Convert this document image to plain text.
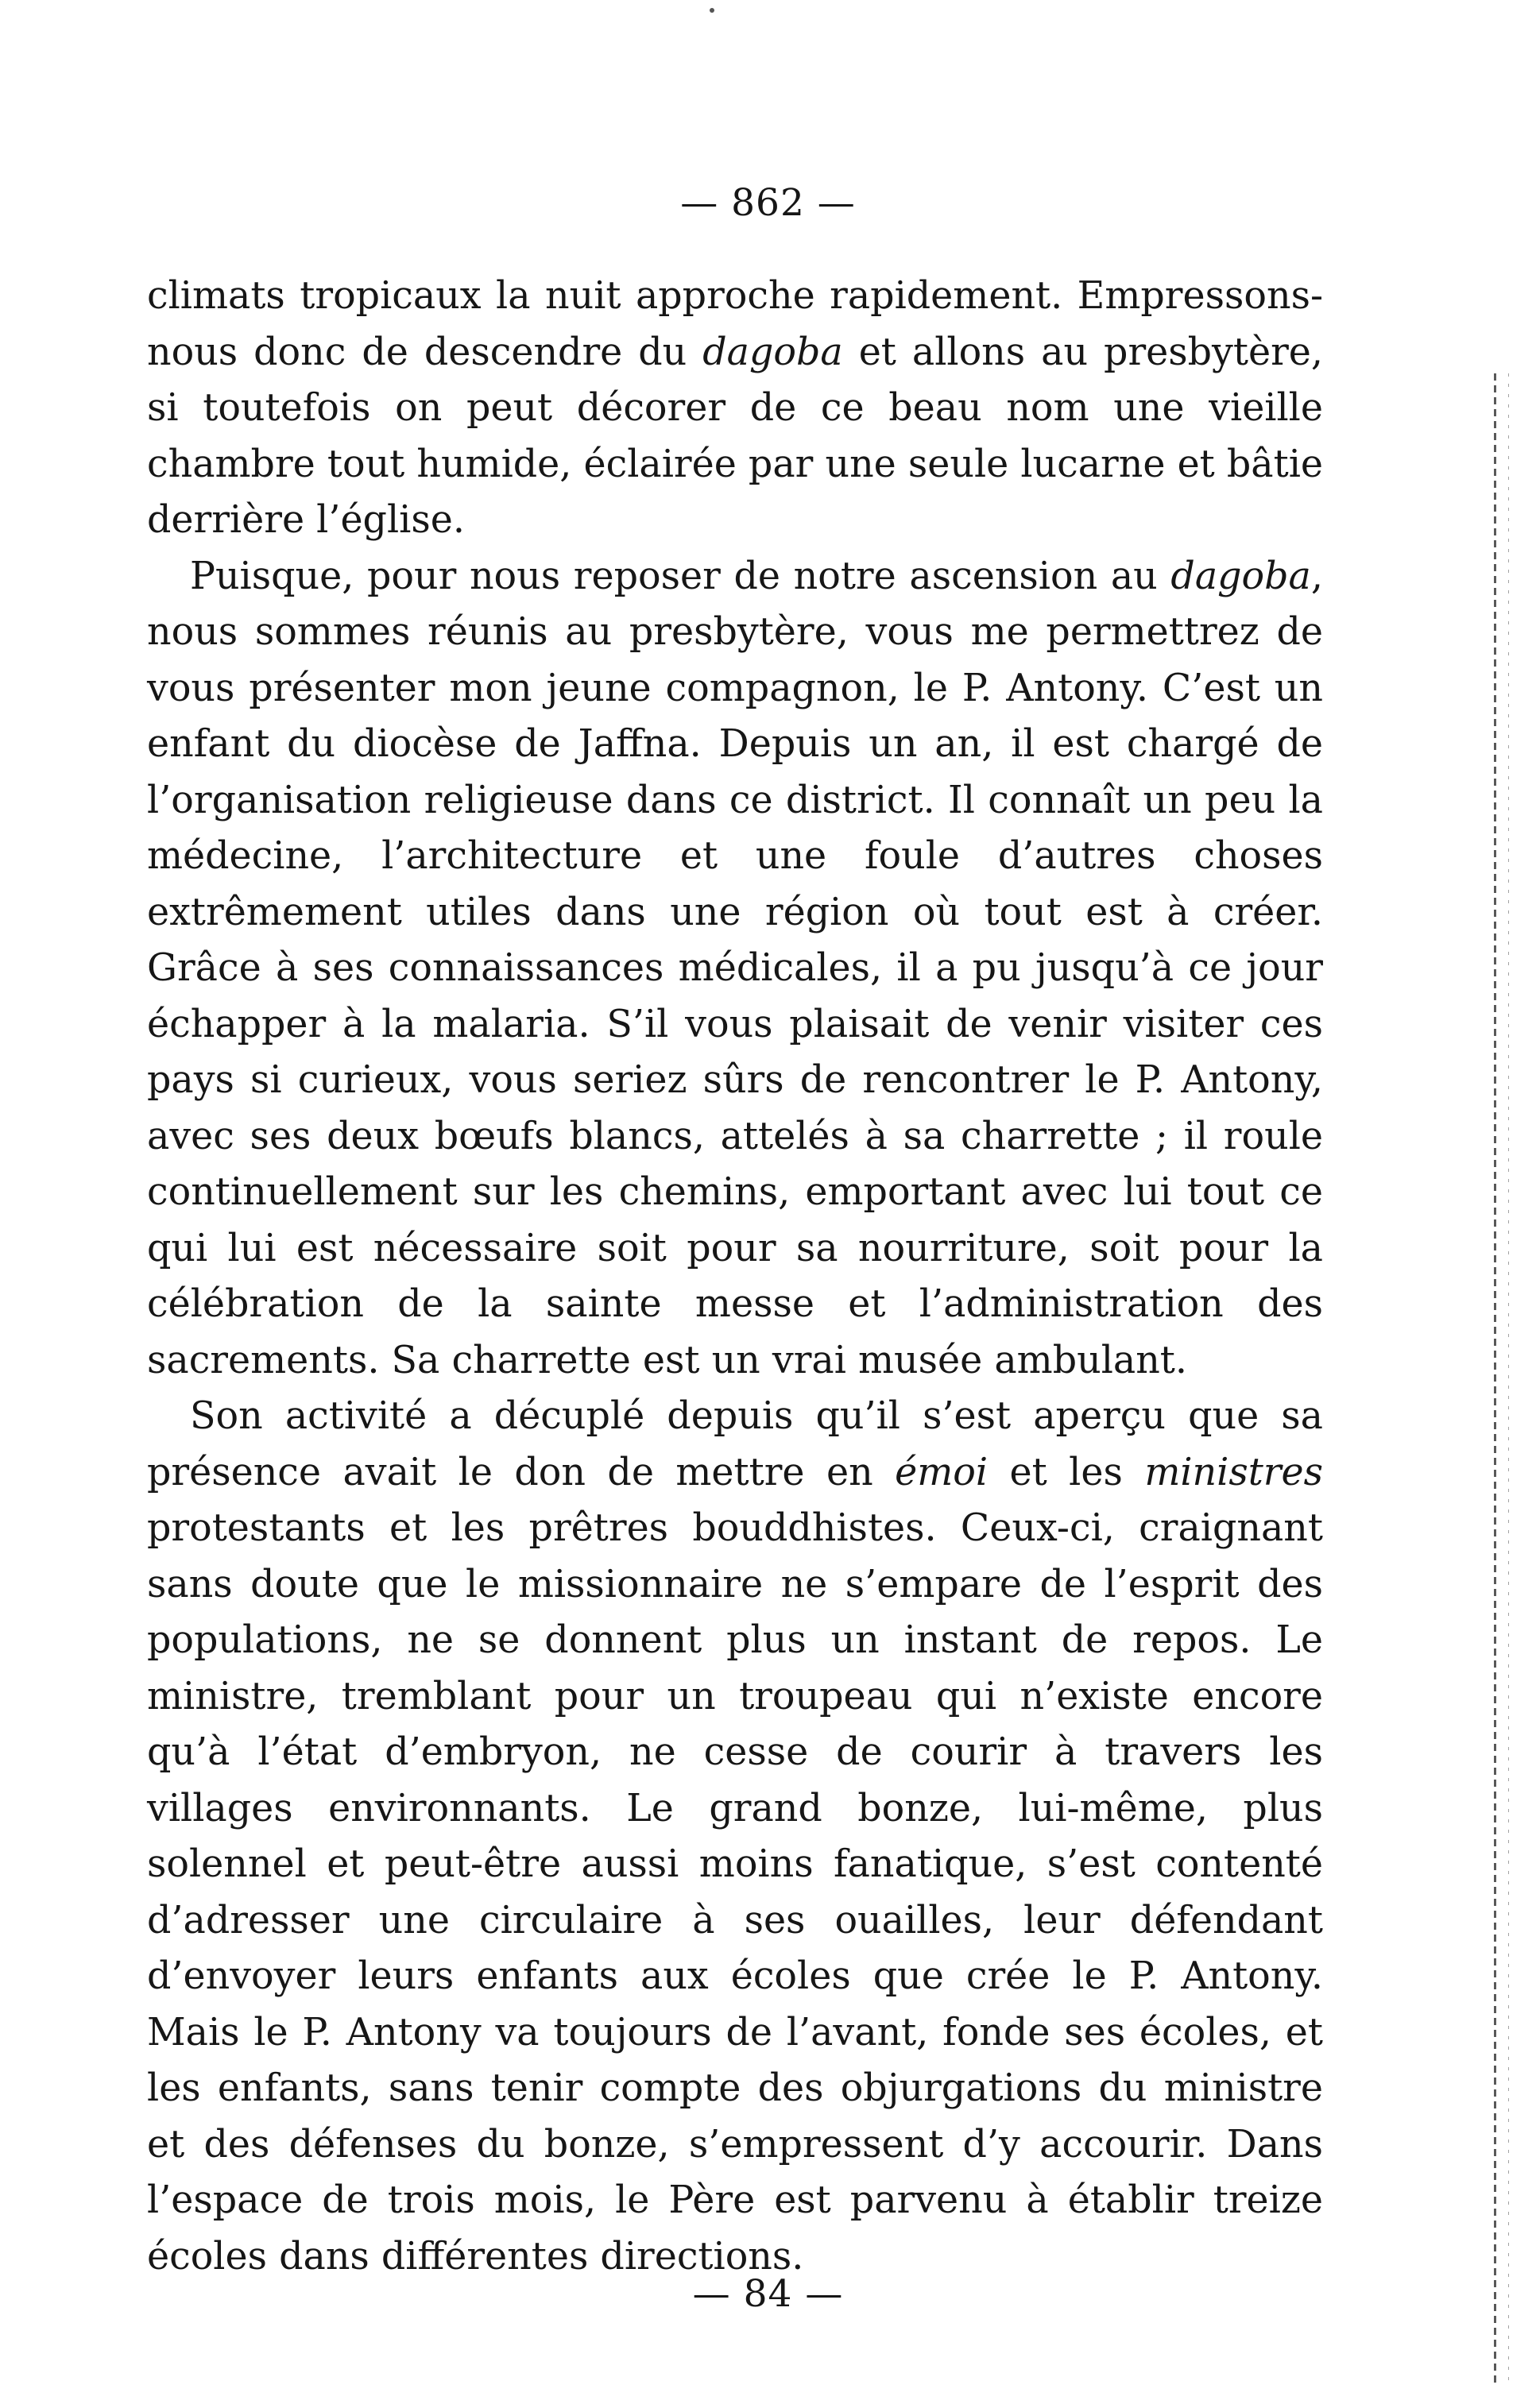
— 862 —

climats tropicaux la nuit approche rapidement. Empressons-nous donc de descendre du dagoba et allons au presbytère, si toutefois on peut décorer de ce beau nom une vieille chambre tout humide, éclairée par une seule lucarne et bâtie derrière l’église.

Puisque, pour nous reposer de notre ascension au dagoba, nous sommes réunis au presbytère, vous me permettrez de vous présenter mon jeune compagnon, le P. Antony. C’est un enfant du diocèse de Jaffna. Depuis un an, il est chargé de l’organisation religieuse dans ce district. Il connaît un peu la médecine, l’architecture et une foule d’autres choses extrêmement utiles dans une région où tout est à créer. Grâce à ses connaissances médicales, il a pu jusqu’à ce jour échapper à la malaria. S’il vous plaisait de venir visiter ces pays si curieux, vous seriez sûrs de rencontrer le P. Antony, avec ses deux bœufs blancs, attelés à sa charrette ; il roule continuellement sur les chemins, emportant avec lui tout ce qui lui est nécessaire soit pour sa nourriture, soit pour la célébration de la sainte messe et l’administration des sacrements. Sa charrette est un vrai musée ambulant.

Son activité a décuplé depuis qu’il s’est aperçu que sa présence avait le don de mettre en émoi et les ministres protestants et les prêtres bouddhistes. Ceux-ci, craignant sans doute que le missionnaire ne s’empare de l’esprit des populations, ne se donnent plus un instant de repos. Le ministre, tremblant pour un troupeau qui n’existe encore qu’à l’état d’embryon, ne cesse de courir à travers les villages environnants. Le grand bonze, lui-même, plus solennel et peut-être aussi moins fanatique, s’est contenté d’adresser une circulaire à ses ouailles, leur défendant d’envoyer leurs enfants aux écoles que crée le P. Antony. Mais le P. Antony va toujours de l’avant, fonde ses écoles, et les enfants, sans tenir compte des objurgations du ministre et des défenses du bonze, s’empressent d’y accourir. Dans l’espace de trois mois, le Père est parvenu à établir treize écoles dans différentes directions.

— 84 —
